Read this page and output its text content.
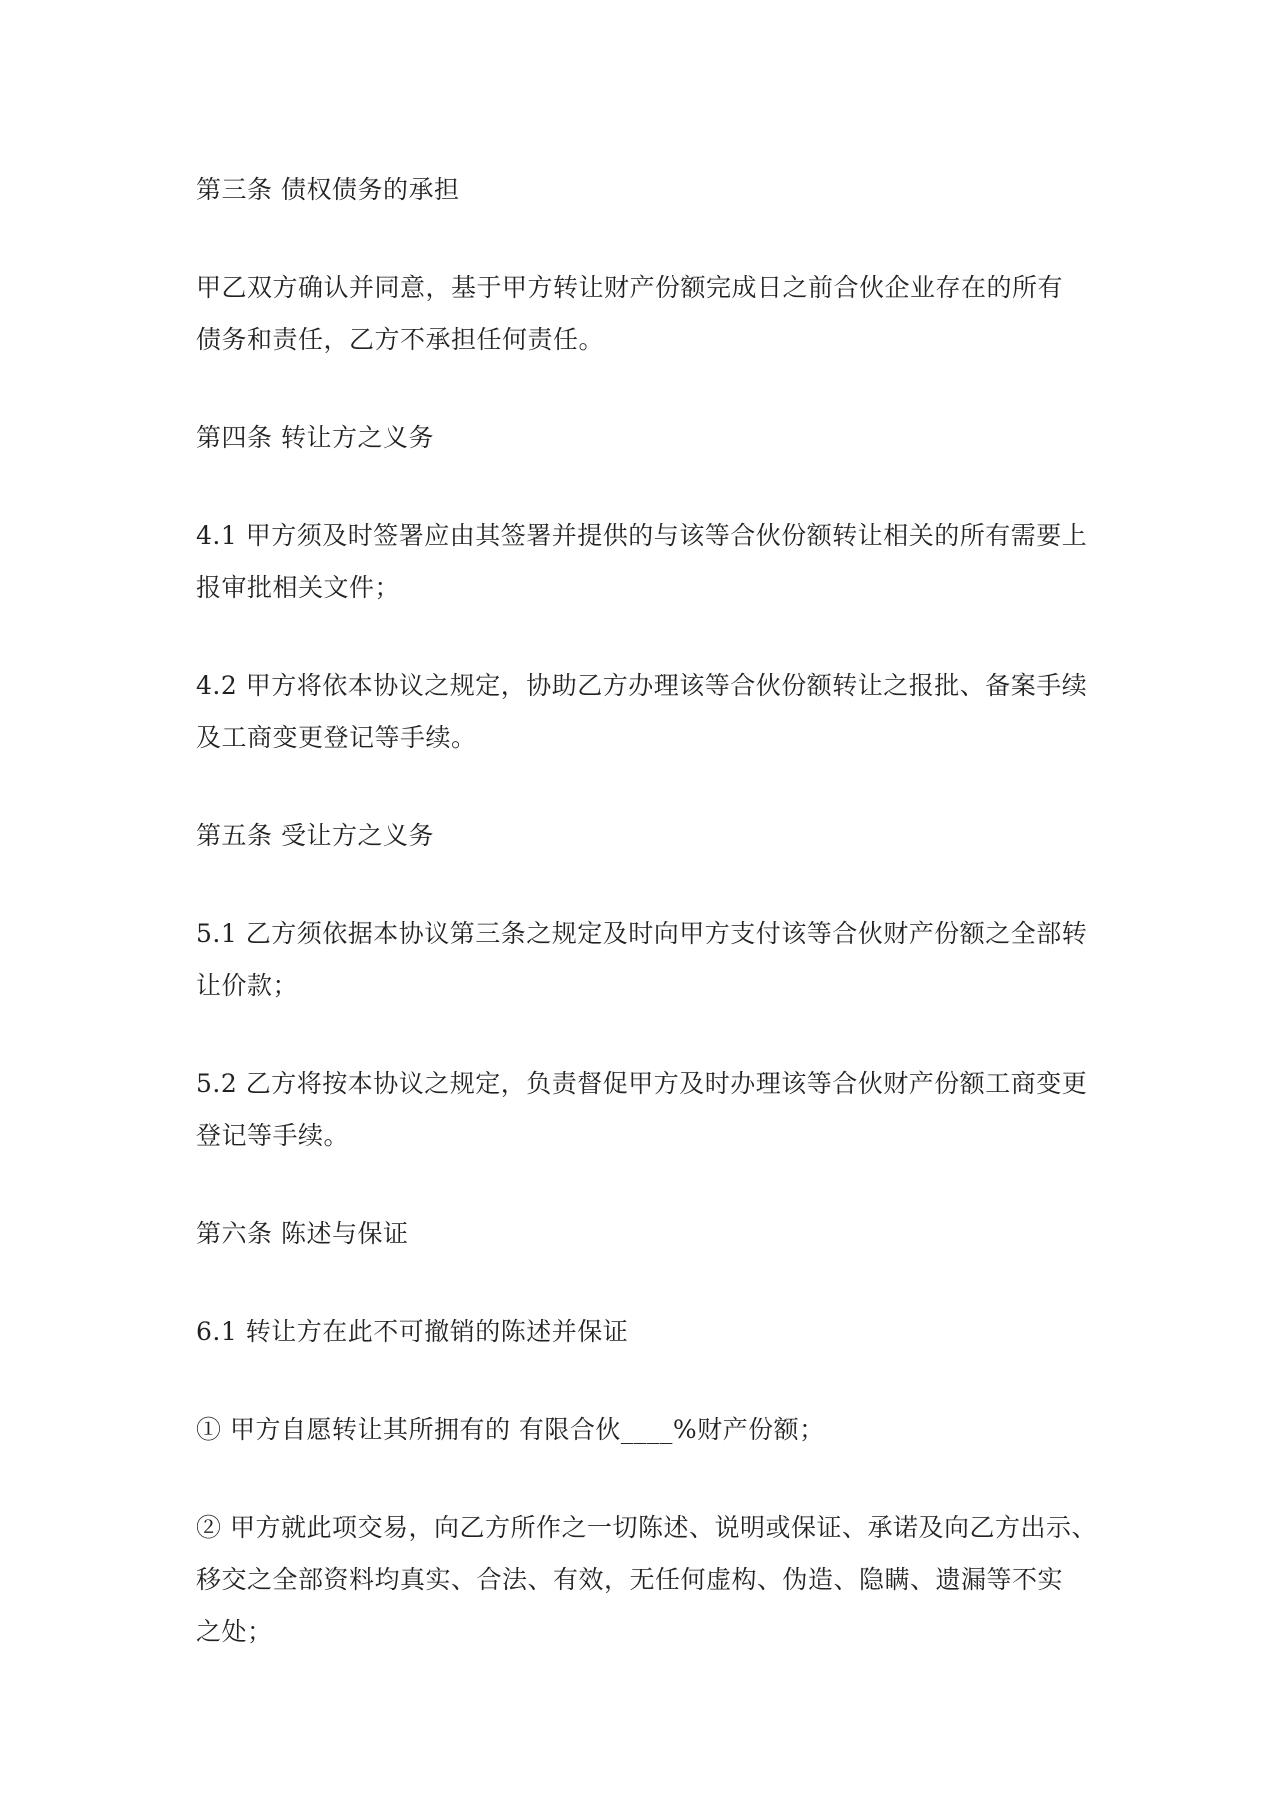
第三条 债权债务的承担

甲乙双方确认并同意，基于甲方转让财产份额完成日之前合伙企业存在的所有
债务和责任，乙方不承担任何责任。

第四条 转让方之义务

4.1 甲方须及时签署应由其签署并提供的与该等合伙份额转让相关的所有需要上
报审批相关文件；

4.2 甲方将依本协议之规定，协助乙方办理该等合伙份额转让之报批、备案手续
及工商变更登记等手续。

第五条 受让方之义务

5.1 乙方须依据本协议第三条之规定及时向甲方支付该等合伙财产份额之全部转
让价款；

5.2 乙方将按本协议之规定，负责督促甲方及时办理该等合伙财产份额工商变更
登记等手续。

第六条 陈述与保证

6.1 转让方在此不可撤销的陈述并保证

① 甲方自愿转让其所拥有的 有限合伙____%财产份额；

② 甲方就此项交易，向乙方所作之一切陈述、说明或保证、承诺及向乙方出示、
移交之全部资料均真实、合法、有效，无任何虚构、伪造、隐瞒、遗漏等不实
之处；
